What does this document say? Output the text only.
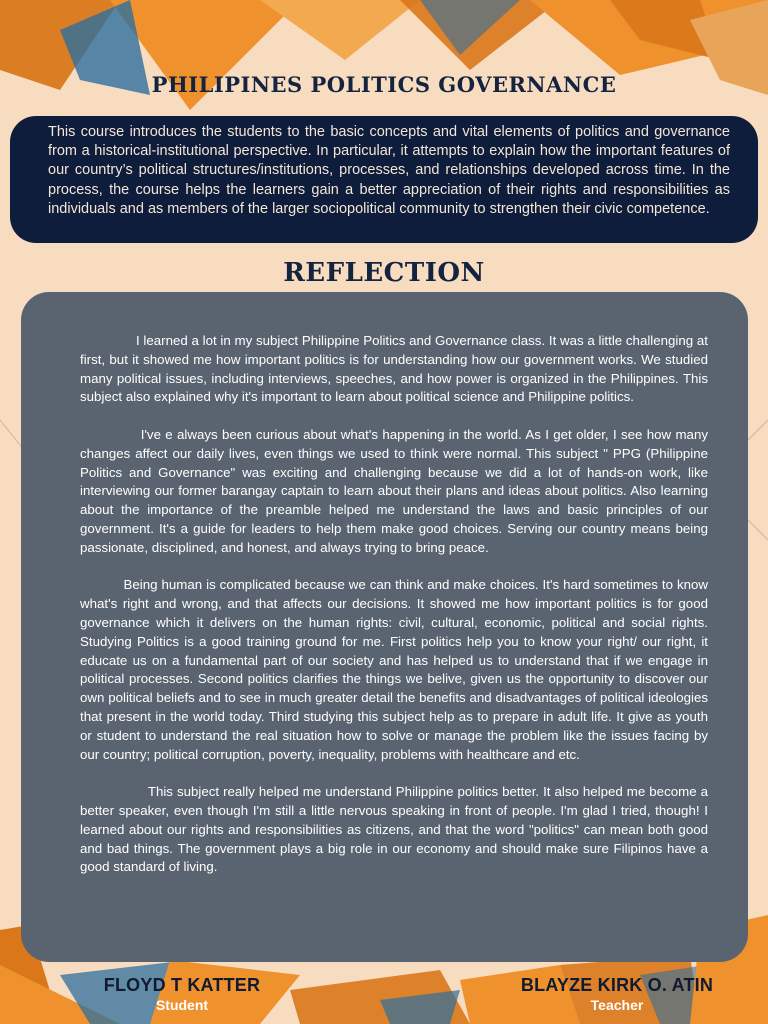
PHILIPINES POLITICS GOVERNANCE

This course introduces the students to the basic concepts and vital elements of politics and governance from a historical-institutional perspective. In particular, it attempts to explain how the important features of our country’s political structures/institutions, processes, and relationships developed across time. In the process, the course helps the learners gain a better appreciation of their rights and responsibilities as individuals and as members of the larger sociopolitical community to strengthen their civic competence.

REFLECTION

I learned a lot in my subject Philippine Politics and Governance class. It was a little challenging at first, but it showed me how important politics is for understanding how our government works. We studied many political issues, including interviews, speeches, and how power is organized in the Philippines. This subject also explained why it's important to learn about political science and Philippine politics.

I've e always been curious about what's happening in the world. As I get older, I see how many changes affect our daily lives, even things we used to think were normal. This subject " PPG (Philippine Politics and Governance" was exciting and challenging because we did a lot of hands-on work, like interviewing our former barangay captain to learn about their plans and ideas about politics. Also learning about the importance of the preamble helped me understand the laws and basic principles of our government. It's a guide for leaders to help them make good choices. Serving our country means being passionate, disciplined, and honest, and always trying to bring peace.

Being human is complicated because we can think and make choices. It's hard sometimes to know what's right and wrong, and that affects our decisions. It showed me how important politics is for good governance which it delivers on the human rights: civil, cultural, economic, political and social rights. Studying Politics is a good training ground for me. First politics help you to know your right/ our right, it educate us on a fundamental part of our society and has helped us to understand that if we engage in political processes. Second politics clarifies the things we belive, given us the opportunity to discover our own political beliefs and to see in much greater detail the benefits and disadvantages of political ideologies that present in the world today. Third studying this subject help as to prepare in adult life. It give as youth or student to understand the real situation how to solve or manage the problem like the issues facing by our country; political corruption, poverty, inequality, problems with healthcare and etc.

This subject really helped me understand Philippine politics better. It also helped me become a better speaker, even though I'm still a little nervous speaking in front of people. I'm glad I tried, though! I learned about our rights and responsibilities as citizens, and that the word "politics" can mean both good and bad things. The government plays a big role in our economy and should make sure Filipinos have a good standard of living.

FLOYD T KATTER
Student
BLAYZE KIRK O. ATIN
Teacher
